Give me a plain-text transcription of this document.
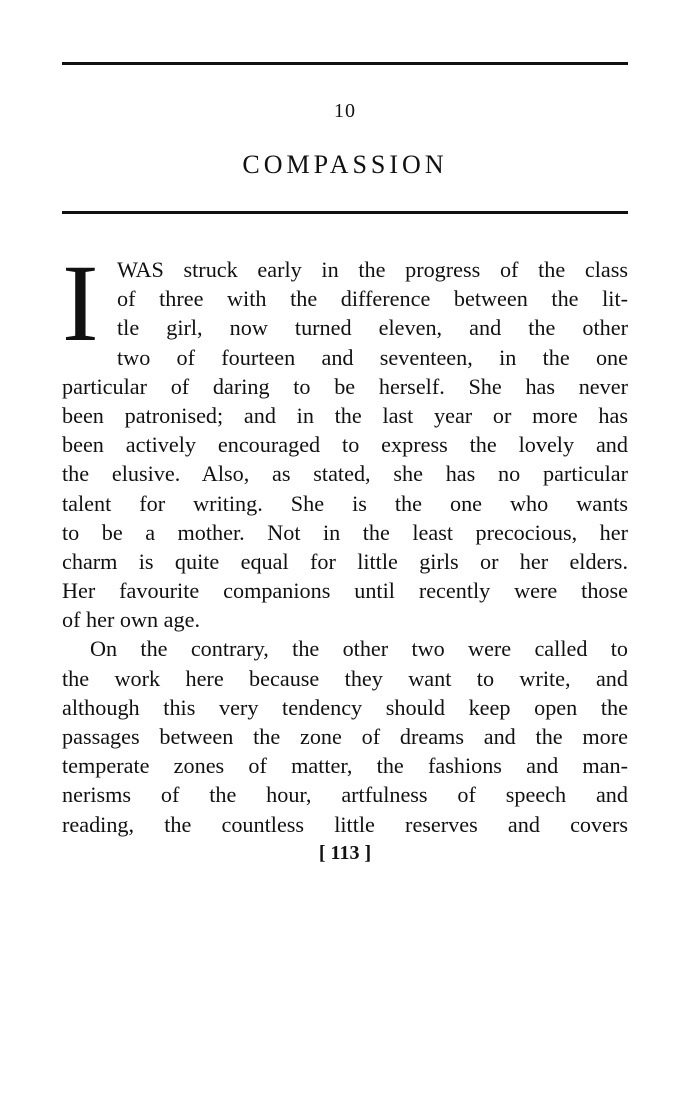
10
COMPASSION
I WAS struck early in the progress of the class
of three with the difference between the lit-
tle girl, now turned eleven, and the other
two of fourteen and seventeen, in the one
particular of daring to be herself. She has never
been patronised; and in the last year or more has
been actively encouraged to express the lovely and
the elusive. Also, as stated, she has no particular
talent for writing. She is the one who wants
to be a mother. Not in the least precocious, her
charm is quite equal for little girls or her elders.
Her favourite companions until recently were those
of her own age.
On the contrary, the other two were called to
the work here because they want to write, and
although this very tendency should keep open the
passages between the zone of dreams and the more
temperate zones of matter, the fashions and man-
nerisms of the hour, artfulness of speech and
reading, the countless little reserves and covers
[ 113 ]
